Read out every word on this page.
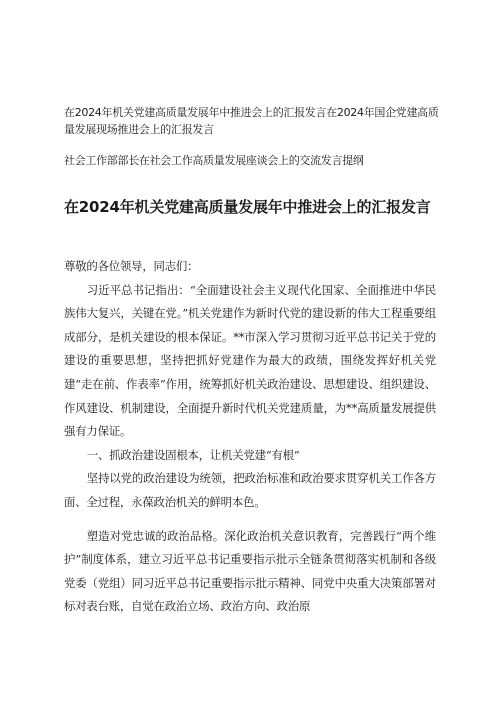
在2024年机关党建高质量发展年中推进会上的汇报发言在2024年国企党建高质量发展现场推进会上的汇报发言

社会工作部部长在社会工作高质量发展座谈会上的交流发言提纲

在2024年机关党建高质量发展年中推进会上的汇报发言

尊敬的各位领导，同志们：

习近平总书记指出：“全面建设社会主义现代化国家、全面推进中华民族伟大复兴，关键在党。”机关党建作为新时代党的建设新的伟大工程重要组成部分，是机关建设的根本保证。**市深入学习贯彻习近平总书记关于党的建设的重要思想，坚持把抓好党建作为最大的政绩，围绕发挥好机关党建“走在前、作表率”作用，统筹抓好机关政治建设、思想建设、组织建设、作风建设、机制建设，全面提升新时代机关党建质量，为**高质量发展提供强有力保证。

一、抓政治建设固根本，让机关党建“有根”

坚持以党的政治建设为统领，把政治标准和政治要求贯穿机关工作各方面、全过程，永葆政治机关的鲜明本色。

塑造对党忠诚的政治品格。深化政治机关意识教育，完善践行“两个维护”制度体系，建立习近平总书记重要指示批示全链条贯彻落实机制和各级党委（党组）同习近平总书记重要指示批示精神、同党中央重大决策部署对标对表台账，自觉在政治立场、政治方向、政治原
